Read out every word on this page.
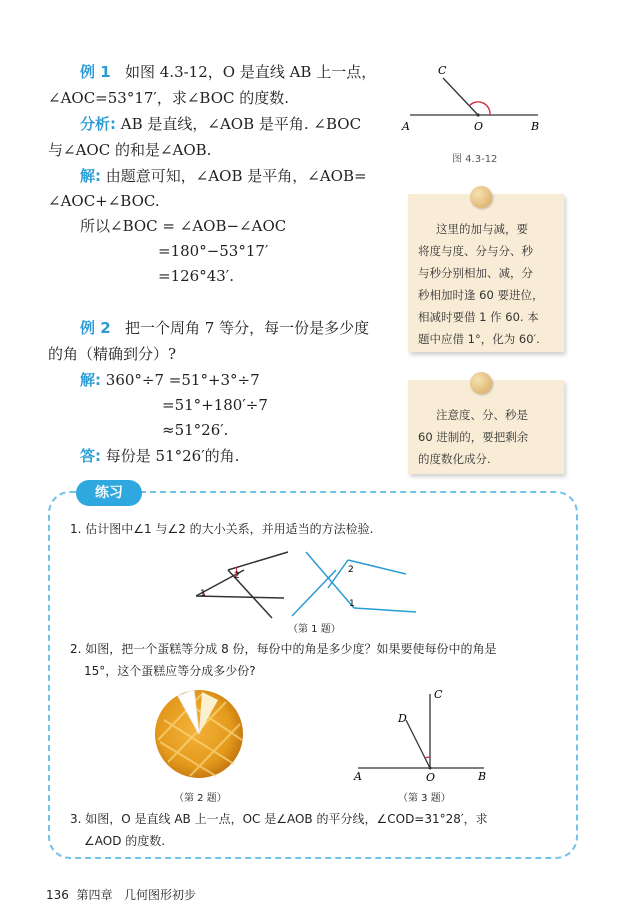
例 1 如图 4.3-12，O 是直线 AB 上一点，
∠AOC=53°17′，求∠BOC 的度数.
分析: AB 是直线，∠AOB 是平角. ∠BOC
与∠AOC 的和是∠AOB.
解: 由题意可知，∠AOB 是平角，∠AOB=
∠AOC+∠BOC.
所以∠BOC = ∠AOB−∠AOC
=180°−53°17′
=126°43′.
A	B
C
O
图 4.3-12
这里的加与减，要
将度与度、分与分、秒
与秒分别相加、减，分
秒相加时逢 60 要进位，
相减时要借 1 作 60. 本
题中应借 1°，化为 60′.
例 2 把一个周角 7 等分，每一份是多少度
的角（精确到分）?
解: 360°÷7 =51°+3°÷7
=51°+180′÷7
≈51°26′.
答: 每份是 51°26′的角.
注意度、分、秒是
60 进制的，要把剩余
的度数化成分.
练习
1. 估计图中∠1 与∠2 的大小关系，并用适当的方法检验.
1
2
1
2
（第 1 题）
2. 如图，把一个蛋糕等分成 8 份，每份中的角是多少度？如果要使每份中的角是
15°，这个蛋糕应等分成多少份?
（第 2 题）
A	B
C
D
O
（第 3 题）
3. 如图，O 是直线 AB 上一点，OC 是∠AOB 的平分线，∠COD=31°28′，求
∠AOD 的度数.
136 第四章 几何图形初步
